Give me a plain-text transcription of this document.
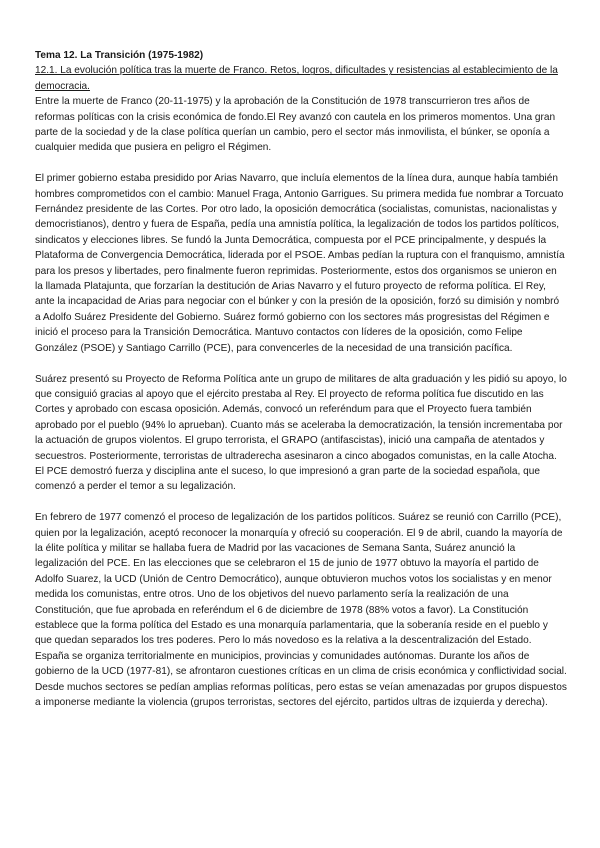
Tema 12. La Transición (1975-1982)
12.1. La evolución política tras la muerte de Franco. Retos, logros, dificultades y resistencias al establecimiento de la democracia.

Entre la muerte de Franco (20-11-1975) y la aprobación de la Constitución de 1978 transcurrieron tres años de reformas políticas con la crisis económica de fondo.El Rey avanzó con cautela en los primeros momentos. Una gran parte de la sociedad y de la clase política querían un cambio, pero el sector más inmovilista, el búnker, se oponía a cualquier medida que pusiera en peligro el Régimen.

El primer gobierno estaba presidido por Arias Navarro, que incluía elementos de la línea dura, aunque había también hombres comprometidos con el cambio: Manuel Fraga, Antonio Garrigues. Su primera medida fue nombrar a Torcuato Fernández presidente de las Cortes. Por otro lado, la oposición democrática (socialistas, comunistas, nacionalistas y democristianos), dentro y fuera de España, pedía una amnistía política, la legalización de todos los partidos políticos, sindicatos y elecciones libres. Se fundó la Junta Democrática, compuesta por el PCE principalmente, y después la Plataforma de Convergencia Democrática, liderada por el PSOE. Ambas pedían la ruptura con el franquismo, amnistía para los presos y libertades, pero finalmente fueron reprimidas. Posteriormente, estos dos organismos se unieron en la llamada Platajunta, que forzarían la destitución de Arias Navarro y el futuro proyecto de reforma política. El Rey, ante la incapacidad de Arias para negociar con el búnker y con la presión de la oposición, forzó su dimisión y nombró a Adolfo Suárez Presidente del Gobierno. Suárez formó gobierno con los sectores más progresistas del Régimen e inició el proceso para la Transición Democrática. Mantuvo contactos con líderes de la oposición, como Felipe González (PSOE) y Santiago Carrillo (PCE), para convencerles de la necesidad de una transición pacífica.

Suárez presentó su Proyecto de Reforma Política ante un grupo de militares de alta graduación y les pidió su apoyo, lo que consiguió gracias al apoyo que el ejército prestaba al Rey. El proyecto de reforma política fue discutido en las Cortes y aprobado con escasa oposición. Además, convocó un referéndum para que el Proyecto fuera también aprobado por el pueblo (94% lo aprueban). Cuanto más se aceleraba la democratización, la tensión incrementaba por la actuación de grupos violentos. El grupo terrorista, el GRAPO (antifascistas), inició una campaña de atentados y secuestros. Posteriormente, terroristas de ultraderecha asesinaron a cinco abogados comunistas, en la calle Atocha. El PCE demostró fuerza y disciplina ante el suceso, lo que impresionó a gran parte de la sociedad española, que comenzó a perder el temor a su legalización.

En febrero de 1977 comenzó el proceso de legalización de los partidos políticos. Suárez se reunió con Carrillo (PCE), quien por la legalización, aceptó reconocer la monarquía y ofreció su cooperación. El 9 de abril, cuando la mayoría de la élite política y militar se hallaba fuera de Madrid por las vacaciones de Semana Santa, Suárez anunció la legalización del PCE. En las elecciones que se celebraron el 15 de junio de 1977 obtuvo la mayoría el partido de Adolfo Suarez, la UCD (Unión de Centro Democrático), aunque obtuvieron muchos votos los socialistas y en menor medida los comunistas, entre otros. Uno de los objetivos del nuevo parlamento sería la realización de una Constitución, que fue aprobada en referéndum el 6 de diciembre de 1978 (88% votos a favor). La Constitución establece que la forma política del Estado es una monarquía parlamentaria, que la soberanía reside en el pueblo y que quedan separados los tres poderes. Pero lo más novedoso es la relativa a la descentralización del Estado. España se organiza territorialmente en municipios, provincias y comunidades autónomas. Durante los años de gobierno de la UCD (1977-81), se afrontaron cuestiones críticas en un clima de crisis económica y conflictividad social. Desde muchos sectores se pedían amplias reformas políticas, pero estas se veían amenazadas por grupos dispuestos a imponerse mediante la violencia (grupos terroristas, sectores del ejército, partidos ultras de izquierda y derecha).
